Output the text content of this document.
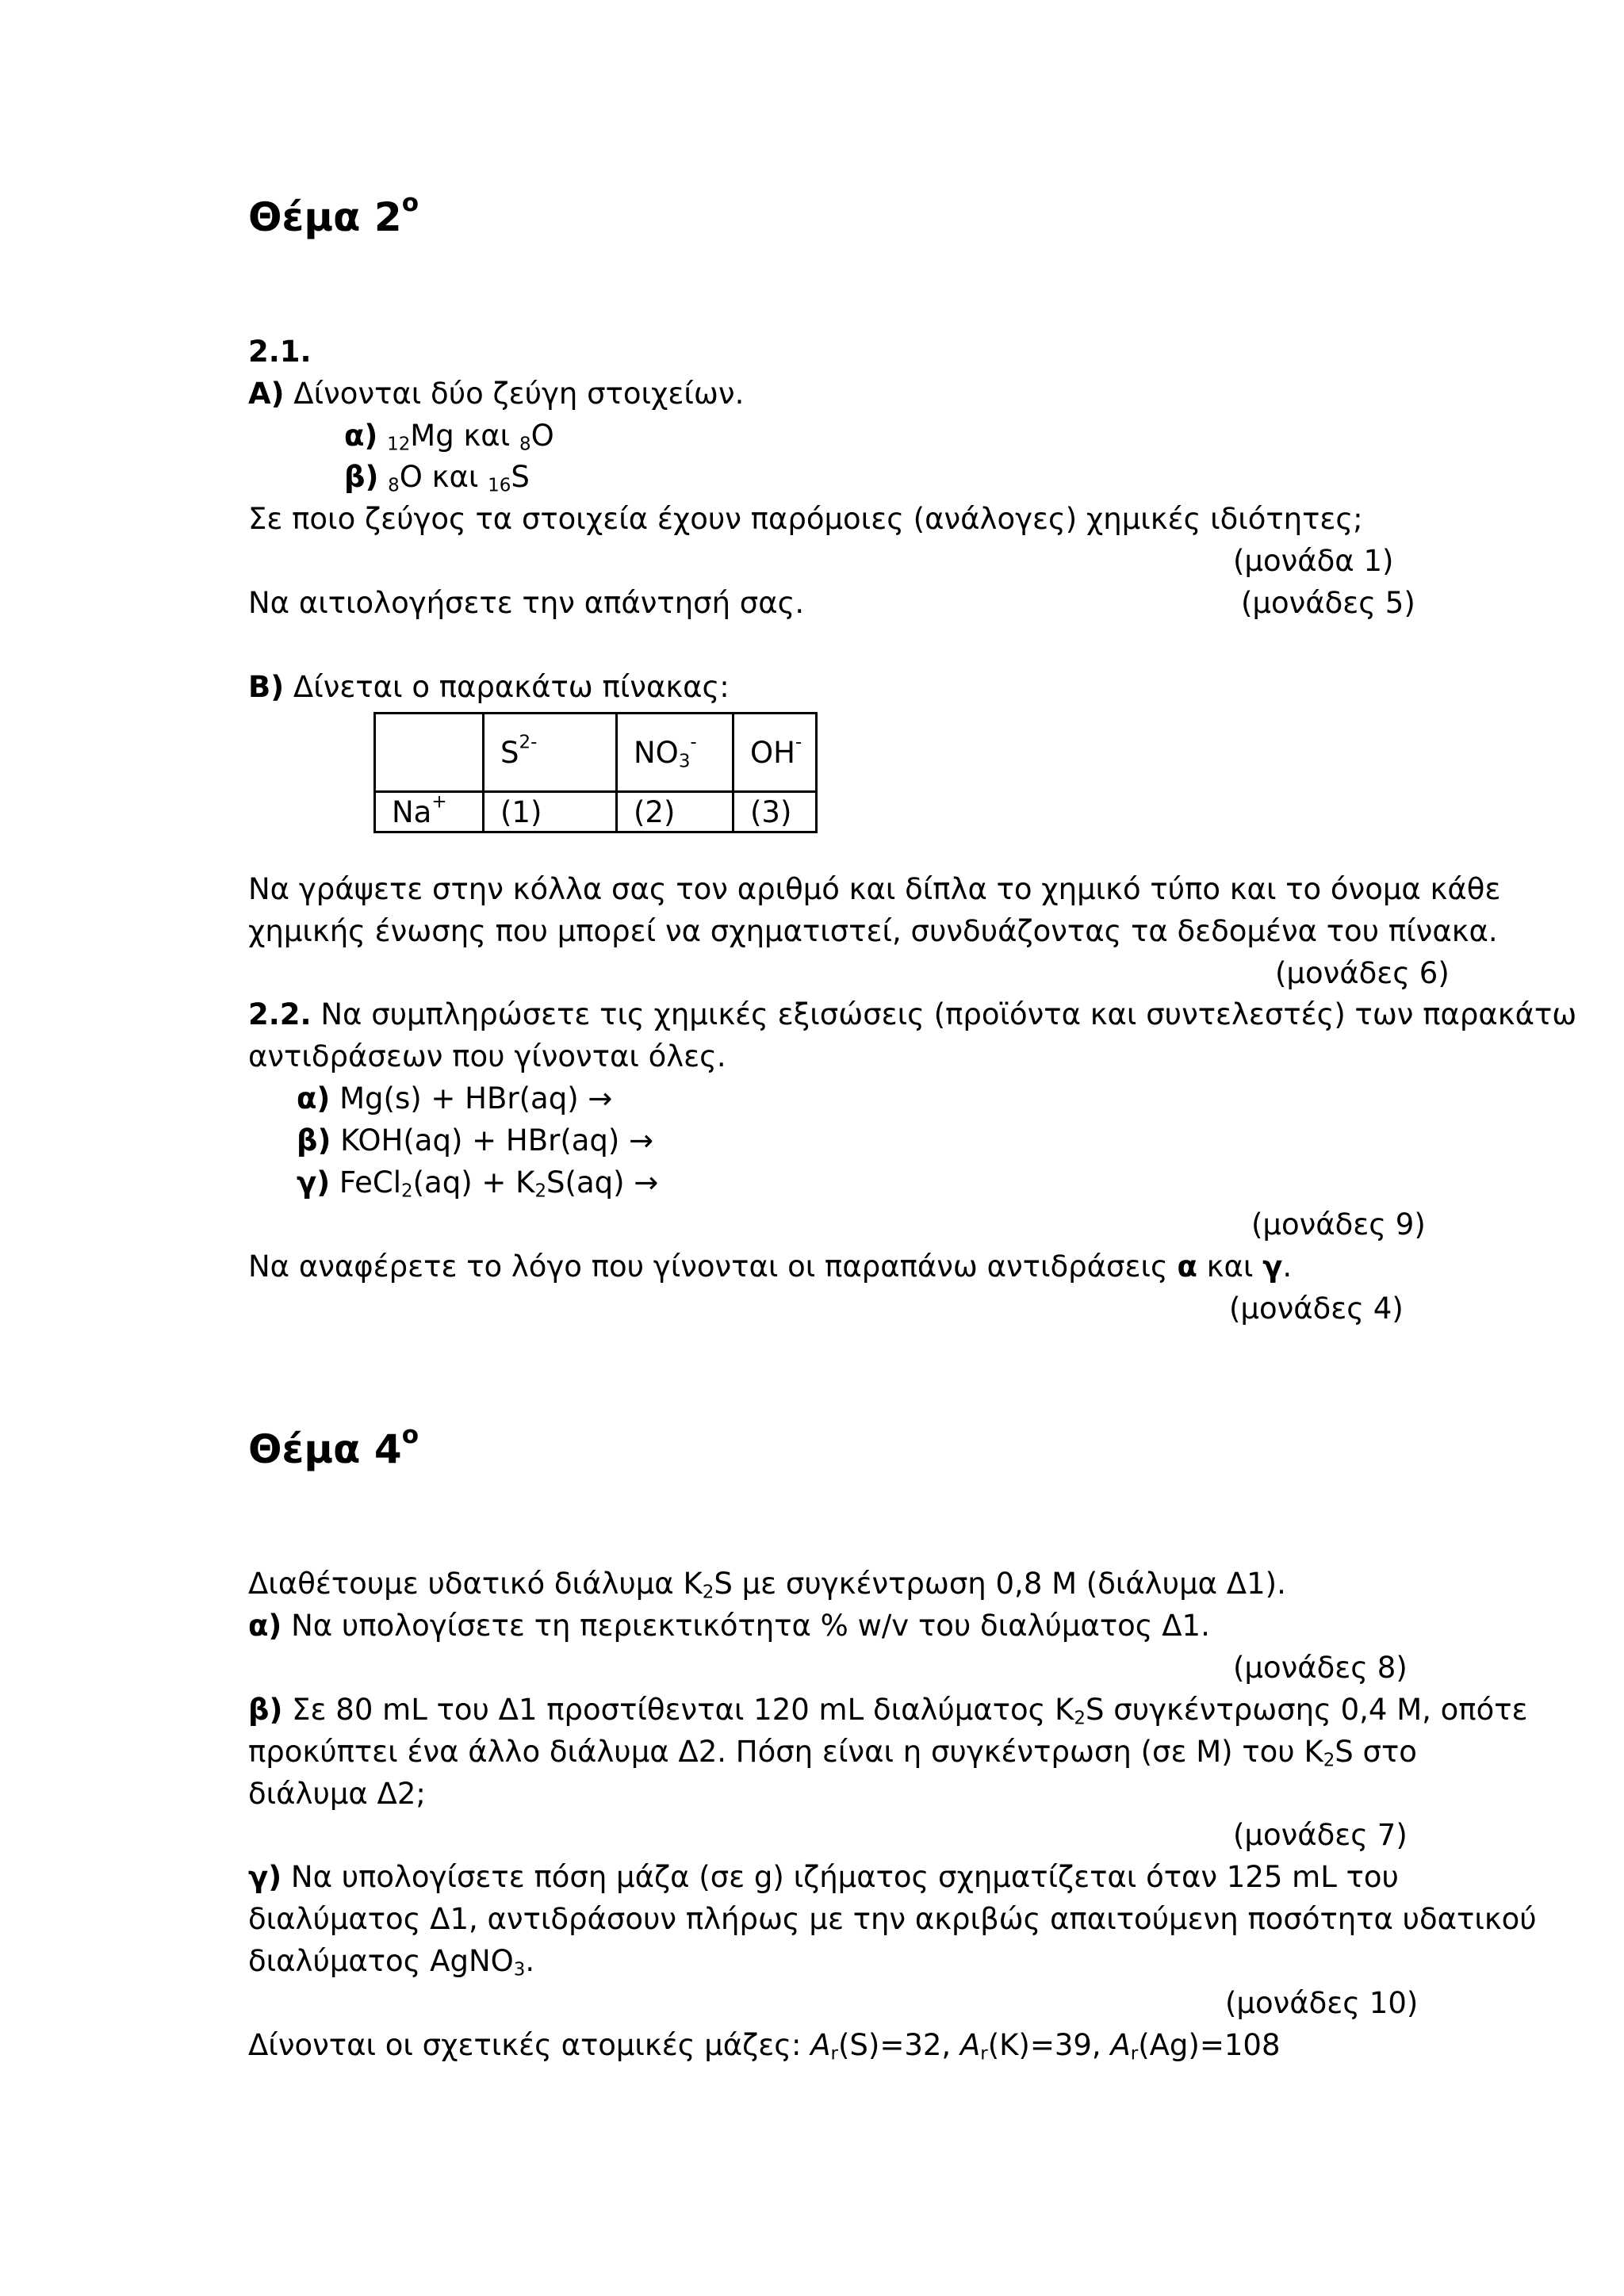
Θέμα $2^o$
2.1.
Α) Δίνονται δύο ζεύγη στοιχείων.
α) $_{12}$Mg και $_8$O
β) $_8$O και $_{16}$S
Σε ποιο ζεύγος τα στοιχεία έχουν παρόμοιες (ανάλογες) χημικές ιδιότητες;
(μονάδα 1)
Να αιτιολογήσετε την απάντησή σας.	(μονάδες 5)
Β) Δίνεται ο παρακάτω πίνακας:
	$S^{2-}$	$NO_3^-$	OH-
Na+	(1)	(2)	(3)
Να γράψετε στην κόλλα σας τον αριθμό και δίπλα το χημικό τύπο και το όνομα κάθε
χημικής ένωσης που μπορεί να σχηματιστεί, συνδυάζοντας τα δεδομένα του πίνακα.
(μονάδες 6)
2.2. Να συμπληρώσετε τις χημικές εξισώσεις (προϊόντα και συντελεστές) των παρακάτω
αντιδράσεων που γίνονται όλες.
α) Mg(s) + HBr(aq) →
β) KOH(aq) + HBr(aq) →
γ) FeCl$_2$(aq) + $K_2S(aq)$ →
(μονάδες 9)
Να αναφέρετε το λόγο που γίνονται οι παραπάνω αντιδράσεις α και γ.
(μονάδες 4)
Θέμα $4^o$
Διαθέτουμε υδατικό διάλυμα $K_2S$ με συγκέντρωση 0,8 M (διάλυμα Δ1).
α) Να υπολογίσετε τη περιεκτικότητα % w/v του διαλύματος Δ1.
(μονάδες 8)
β) Σε 80 mL του Δ1 προστίθενται 120 mL διαλύματος $K_2S$ συγκέντρωσης 0,4 M, οπότε
προκύπτει ένα άλλο διάλυμα Δ2. Πόση είναι η συγκέντρωση (σε M) του $K_2S$ στο
διάλυμα Δ2;
(μονάδες 7)
γ) Να υπολογίσετε πόση μάζα (σε g) ιζήματος σχηματίζεται όταν 125 mL του
διαλύματος Δ1, αντιδράσουν πλήρως με την ακριβώς απαιτούμενη ποσότητα υδατικού
διαλύματος AgNO$_3$.
(μονάδες 10)
Δίνονται οι σχετικές ατομικές μάζες: $A_r(S)=32$, $A_r(K)=39$, $A_r(Ag)=108$
